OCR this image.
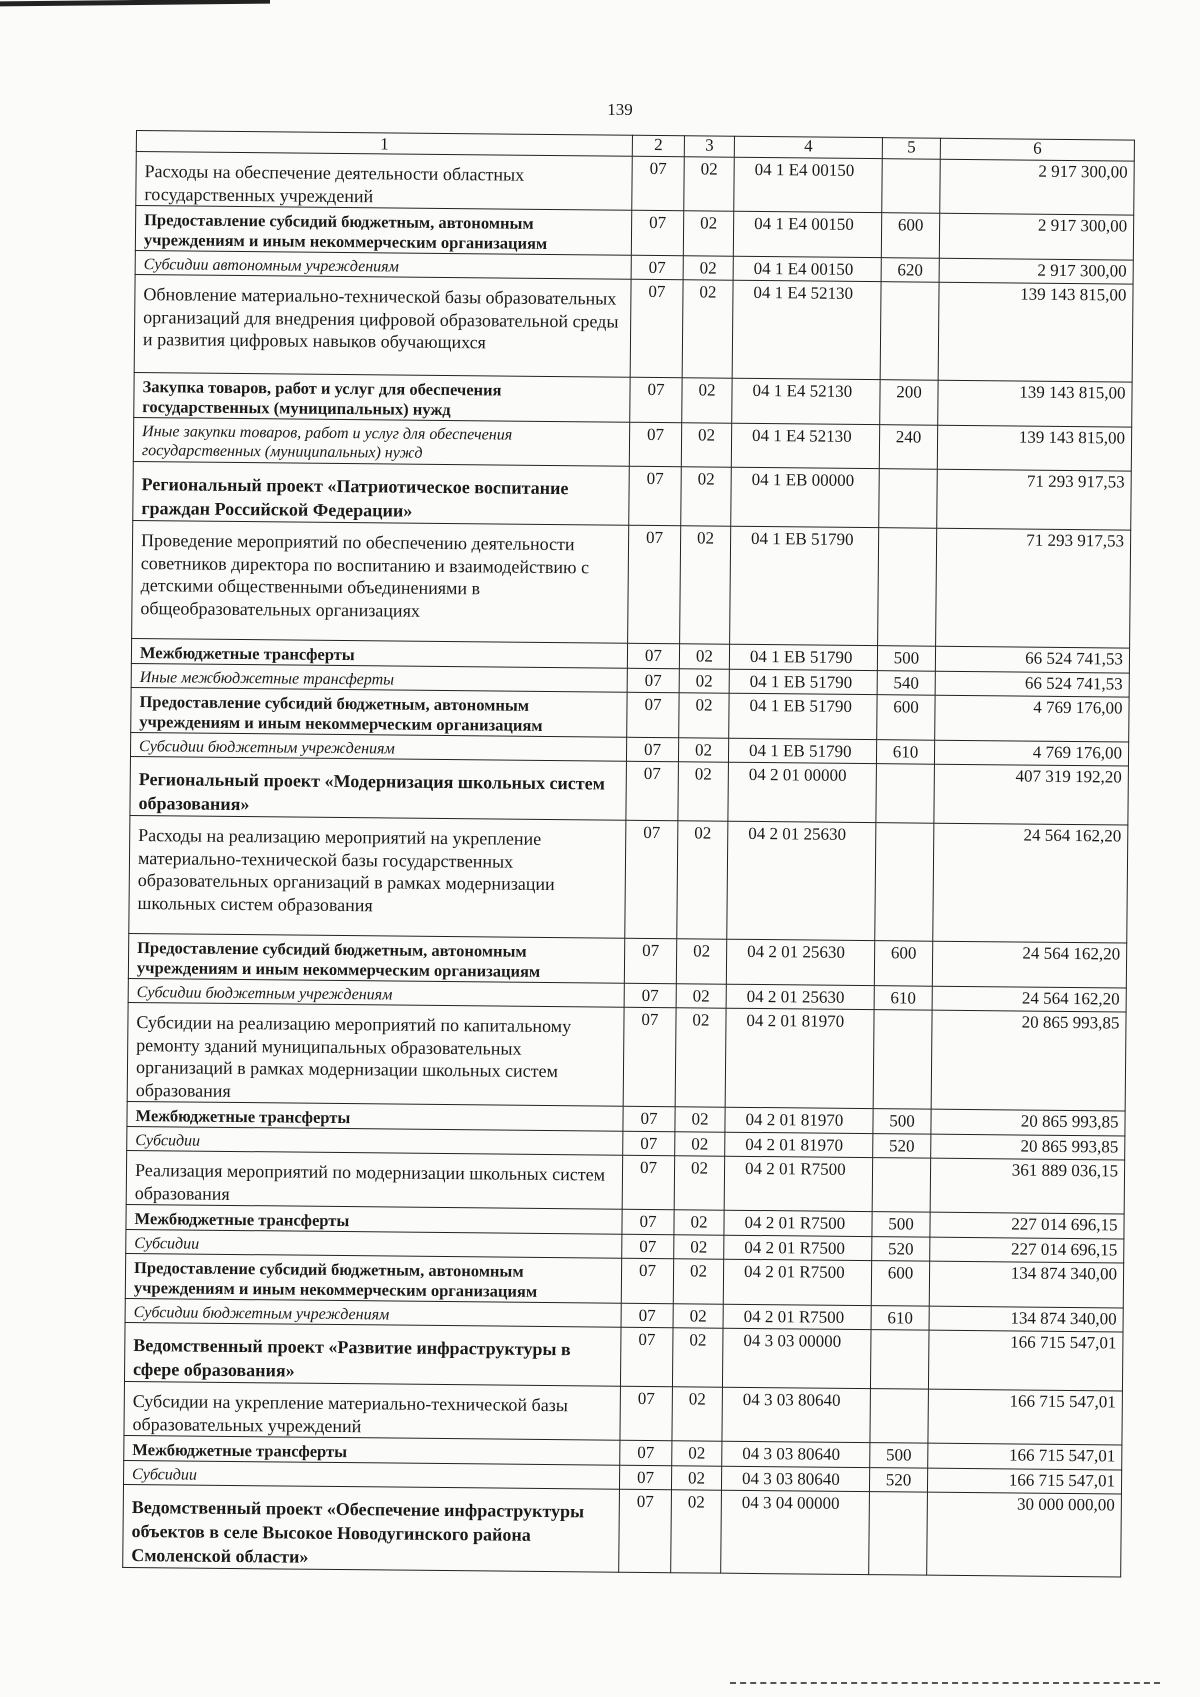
139
1	2	3	4	5	6
Расходы на обеспечение деятельности областных государственных учреждений	07	02	04 1 Е4 00150		2 917 300,00
Предоставление субсидий бюджетным, автономным учреждениям и иным некоммерческим организациям	07	02	04 1 Е4 00150	600	2 917 300,00
Субсидии автономным учреждениям	07	02	04 1 Е4 00150	620	2 917 300,00
Обновление материально-технической базы образовательных организаций для внедрения цифровой образовательной среды и развития цифровых навыков обучающихся	07	02	04 1 Е4 52130		139 143 815,00
Закупка товаров, работ и услуг для обеспечения государственных (муниципальных) нужд	07	02	04 1 Е4 52130	200	139 143 815,00
Иные закупки товаров, работ и услуг для обеспечения государственных (муниципальных) нужд	07	02	04 1 Е4 52130	240	139 143 815,00
Региональный проект «Патриотическое воспитание граждан Российской Федерации»	07	02	04 1 ЕВ 00000		71 293 917,53
Проведение мероприятий по обеспечению деятельности советников директора по воспитанию и взаимодействию с детскими общественными объединениями в общеобразовательных организациях	07	02	04 1 ЕВ 51790		71 293 917,53
Межбюджетные трансферты	07	02	04 1 ЕВ 51790	500	66 524 741,53
Иные межбюджетные трансферты	07	02	04 1 ЕВ 51790	540	66 524 741,53
Предоставление субсидий бюджетным, автономным учреждениям и иным некоммерческим организациям	07	02	04 1 ЕВ 51790	600	4 769 176,00
Субсидии бюджетным учреждениям	07	02	04 1 ЕВ 51790	610	4 769 176,00
Региональный проект «Модернизация школьных систем образования»	07	02	04 2 01 00000		407 319 192,20
Расходы на реализацию мероприятий на укрепление материально-технической базы государственных образовательных организаций в рамках модернизации школьных систем образования	07	02	04 2 01 25630		24 564 162,20
Предоставление субсидий бюджетным, автономным учреждениям и иным некоммерческим организациям	07	02	04 2 01 25630	600	24 564 162,20
Субсидии бюджетным учреждениям	07	02	04 2 01 25630	610	24 564 162,20
Субсидии на реализацию мероприятий по капитальному ремонту зданий муниципальных образовательных организаций в рамках модернизации школьных систем образования	07	02	04 2 01 81970		20 865 993,85
Межбюджетные трансферты	07	02	04 2 01 81970	500	20 865 993,85
Субсидии	07	02	04 2 01 81970	520	20 865 993,85
Реализация мероприятий по модернизации школьных систем образования	07	02	04 2 01 R7500		361 889 036,15
Межбюджетные трансферты	07	02	04 2 01 R7500	500	227 014 696,15
Субсидии	07	02	04 2 01 R7500	520	227 014 696,15
Предоставление субсидий бюджетным, автономным учреждениям и иным некоммерческим организациям	07	02	04 2 01 R7500	600	134 874 340,00
Субсидии бюджетным учреждениям	07	02	04 2 01 R7500	610	134 874 340,00
Ведомственный проект «Развитие инфраструктуры в сфере образования»	07	02	04 3 03 00000		166 715 547,01
Субсидии на укрепление материально-технической базы образовательных учреждений	07	02	04 3 03 80640		166 715 547,01
Межбюджетные трансферты	07	02	04 3 03 80640	500	166 715 547,01
Субсидии	07	02	04 3 03 80640	520	166 715 547,01
Ведомственный проект «Обеспечение инфраструктуры объектов в селе Высокое Новодугинского района Смоленской области»	07	02	04 3 04 00000		30 000 000,00
